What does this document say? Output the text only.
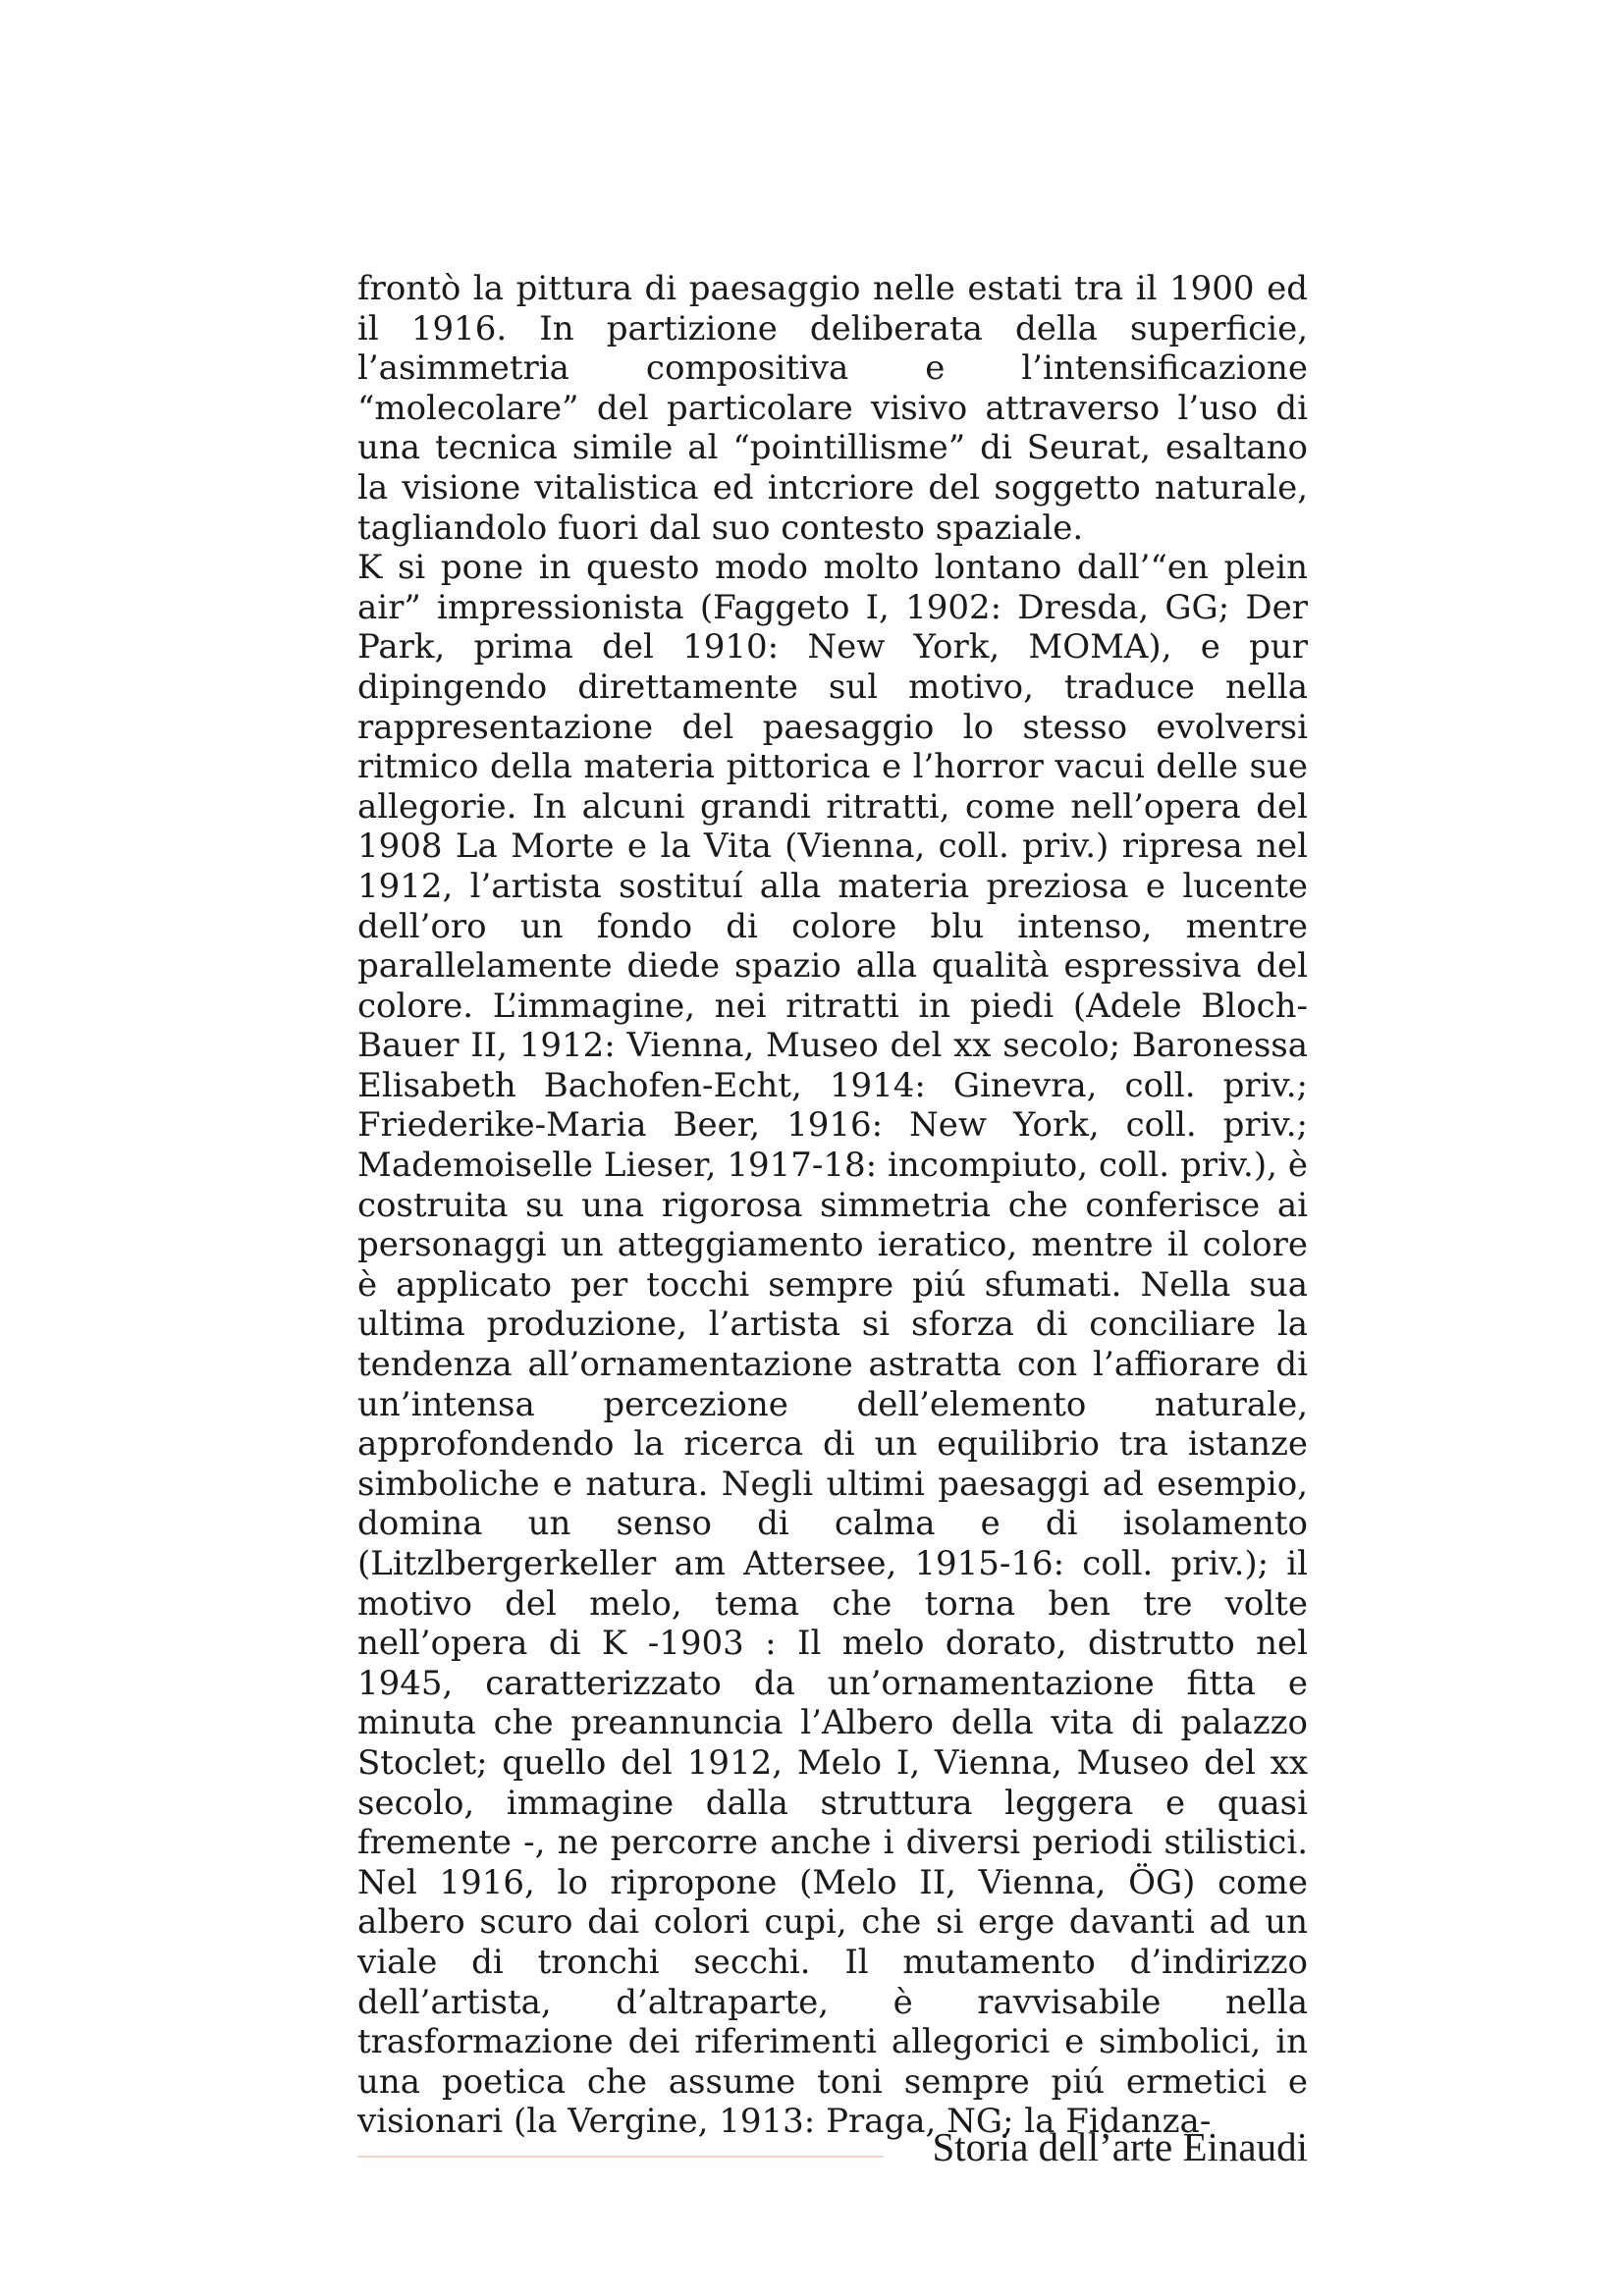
frontò la pittura di paesaggio nelle estati tra il 1900 ed il 1916. In partizione deliberata della superficie, l’asimmetria compositiva e l’intensificazione “molecolare” del particolare visivo attraverso l’uso di una tecnica simile al “pointillisme” di Seurat, esaltano la visione vitalistica ed intcriore del soggetto naturale, tagliandolo fuori dal suo contesto spaziale.

K si pone in questo modo molto lontano dall’“en plein air” impressionista (Faggeto I, 1902: Dresda, GG; Der Park, prima del 1910: New York, MOMA), e pur dipingendo direttamente sul motivo, traduce nella rappresentazione del paesaggio lo stesso evolversi ritmico della materia pittorica e l’horror vacui delle sue allegorie. In alcuni grandi ritratti, come nell’opera del 1908 La Morte e la Vita (Vienna, coll. priv.) ripresa nel 1912, l’artista sostituí alla materia preziosa e lucente dell’oro un fondo di colore blu intenso, mentre parallelamente diede spazio alla qualità espressiva del colore. L’immagine, nei ritratti in piedi (Adele Bloch-Bauer II, 1912: Vienna, Museo del xx secolo; Baronessa Elisabeth Bachofen-Echt, 1914: Ginevra, coll. priv.; Friederike-Maria Beer, 1916: New York, coll. priv.; Mademoiselle Lieser, 1917-18: incompiuto, coll. priv.), è costruita su una rigorosa simmetria che conferisce ai personaggi un atteggiamento ieratico, mentre il colore è applicato per tocchi sempre piú sfumati. Nella sua ultima produzione, l’artista si sforza di conciliare la tendenza all’ornamentazione astratta con l’affiorare di un’intensa percezione dell’elemento naturale, approfondendo la ricerca di un equilibrio tra istanze simboliche e natura. Negli ultimi paesaggi ad esempio, domina un senso di calma e di isolamento (Litzlbergerkeller am Attersee, 1915-16: coll. priv.); il motivo del melo, tema che torna ben tre volte nell’opera di K -1903 : Il melo dorato, distrutto nel 1945, caratterizzato da un’ornamentazione fitta e minuta che preannuncia l’Albero della vita di palazzo Stoclet; quello del 1912, Melo I, Vienna, Museo del xx secolo, immagine dalla struttura leggera e quasi fremente -, ne percorre anche i diversi periodi stilistici. Nel 1916, lo ripropone (Melo II, Vienna, ÖG) come albero scuro dai colori cupi, che si erge davanti ad un viale di tronchi secchi. Il mutamento d’indirizzo dell’artista, d’altraparte, è ravvisabile nella trasformazione dei riferimenti allegorici e simbolici, in una poetica che assume toni sempre piú ermetici e visionari (la Vergine, 1913: Praga, NG; la Fidanza-

Storia dell’arte Einaudi
